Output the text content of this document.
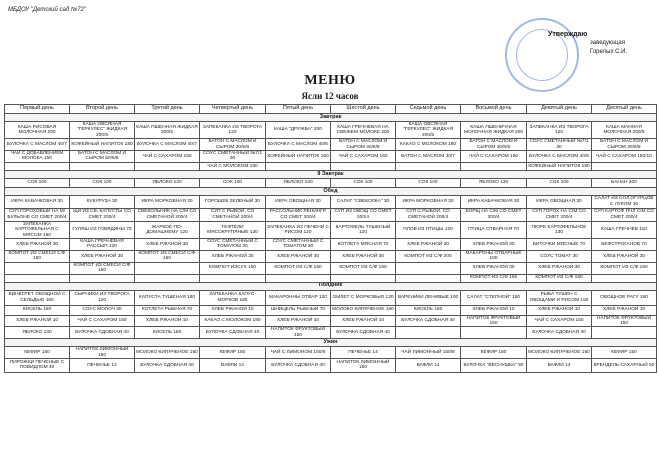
МБДОУ "Детский сад №72"
Утверждаю
заведующая
Горелых С.И.
МЕНЮ
Ясли 12 часов
Первый день	Второй день	Третий день	Четвертый день	Пятый день	Шестой день	Седьмой день	Восьмой день	Девятый день	Десятый день
Завтрак									
КАША РИСОВАЯ МОЛОЧНАЯ 200	КАША ОВСЯНАЯ "ГЕРКУЛЕС" ЖИДКАЯ 200/5	КАША ПШЕННАЯ ЖИДКАЯ 200/5	ЗАПЕКАНКА ИЗ ТВОРОГА 120	КАША "ДРУЖБА" 200	КАША ГРЕЧНЕВАЯ НА СВЕЖЕМ МОЛОКЕ 200	КАША ОВСЯНАЯ "ГЕРКУЛЕС" ЖИДКАЯ 200/5	КАША ПШЕНИЧНАЯ МОЛОЧНАЯ ЖИДКАЯ 200	ЗАПЕКАНКА ИЗ ТВОРОГА 120	КАША МАННАЯ МОЛОЧНАЯ 200/5
БУЛОЧКА С МАСЛОМ 40/7	КОФЕЙНЫЙ НАПИТОК 180	БУЛОЧКА С МАСЛОМ 40/7	БАТОН С МАСЛОМ И СЫРОМ 30/6/8	БУЛОЧКА С МАСЛОМ 40/6	БАТОН С МАСЛОМ И СЫРОМ 40/6/8	КАКАО С МОЛОКОМ 180	БАТОН С МАСЛОМ И СЫРОМ 30/6/8	СОУС СМЕТАННЫЙ №7/1 30	БАТОН С МАСЛОМ И СЫРОМ 30/6/8
ЧАЙ С ДОБАВЛЕНИЕМ МОЛОКА 150	БАТОН С МАСЛОМ И СЫРОМ 50/6/6	ЧАЙ С САХАРОМ 150	СОУС СМЕТАННЫЙ №7/1 30	КОФЕЙНЫЙ НАПИТОК 160	ЧАЙ С САХАРОМ 150	БАТОН С МАСЛОМ 30/7	ЧАЙ С САХАРОМ 150	БУЛОЧКА С МАСЛОМ 40/6	ЧАЙ С САХАРОМ 150/10
			ЧАЙ С МОЛОКОМ 180					КОФЕЙНЫЙ НАПИТОК 180	
II Завтрак									
СОК 100	СОК 100	ЯБЛОКО 130	СОК 100	ЯБЛОКО 130	СОК 100	СОК 100	ЯБЛОКО 130	СОК 100	БАНАН 200
Обед									
ИКРА КАБАЧКОВАЯ 30	КУКУРУЗА 30	ИКРА МОРКОВНАЯ 30	ГОРОШЕК ЗЕЛЕНЫЙ 30	ИКРА ОВОЩНАЯ 30	САЛАТ "СВЕКОЛКА" 30	ИКРА МОРКОВНАЯ 30	ИКРА КАБАЧКОВАЯ 30	ИКРА ОВОЩНАЯ 30	САЛАТ ИЗ СОЛ.ОГУРЦОВ С ЛУКОМ 30
СУП ГОРОХОВЫЙ НА М/ БУЛЬОНЕ СО СМЕТ 200/4	ЩИ ИЗ СВ. КАПУСТЫ СО СМЕТ 200/4	СВЕКОЛЬНИК НА С/М СО СМЕТАНОЙ 200/4	СУП С РЫБОЙ, СО СМЕТАНОЙ 200/4	РАССОЛЬНИК ЛЕНИНГР. СО СМЕТ 200/4	СУП ИЗ ОВОЩ СО СМЕТ 200/4	СУП С РЫБОЙ, СО СМЕТАНОЙ 200/4	БОРЩ НА С/М СО СМЕТ 200/4	СУП ГОРОХ НА С/М СО СМЕТ 200/4	СУП КАРТОФ ПЧЛ С/М СО СМЕТ 200/4
ЗАПЕКАНКА КАРТОФЕЛЬНАЯ С МЯСОМ 150	ГУЛЯШ ИЗ ГОВЯДИНЫ 70	ЖАРКОЕ ПО-ДОМАШНЕМУ 120	ТЕФТЕЛИ МЯСОКРУПЯНЫЕ 130	ЗАПЕКАНКА ИЗ ПЕЧЕНИ С РИСОМ 120	КАРТОФЕЛЬ ТУШЕНЫЙ 120	ПЛОВ ИЗ ПТИЦЫ 120	ПТИЦА ОТВАРНАЯ 70	ПЮРЕ КАРТОФЕЛЬНОЕ 130	КАША ГРЕЧНЕВ 110
ХЛЕБ РЖАНОЙ 30	КАША ГРЕЧНЕВАЯ РАССЫП 120	ХЛЕБ РЖАНОЙ 30	СОУС СМЕТАННЫЙ С ТОМАТОМ 30	СОУС СМЕТАННЫЙ С ТОМАТОМ 30	КОТЛЕТА МЯСНАЯ 70	ХЛЕБ РЖАНОЙ 30	ХЛЕБ РЖАНОЙ 30	БИТОЧКИ МЯСНЫЕ 70	БЕФСТРОГАНОВ 70
КОМПОТ ИЗ СМЕСИ С/Ф 150	ХЛЕБ РЖАНОЙ 30	КОМПОТ ИЗ СМЕСИ С/Ф 150	ХЛЕБ РЖАНОЙ 30	ХЛЕБ РЖАНОЙ 30	ХЛЕБ РЖАНОЙ 30	КОМПОТ ИЗ С/Ф 200	МАКАРОНЫ ОТВАРНЫЕ 100	СОУС ТОМАТ 30	ХЛЕБ РЖАНОЙ 30
	КОМПОТ ИЗ СМЕСИ С/Ф 150		КОМПОТ ИЗСУХ 150	КОМПОТ ИЗ С/Ф 150	КОМПОТ ИЗ С/Ф 150		ХЛЕБ РЖАНОЙ 30	ХЛЕБ РЖАНОЙ 30	КОМПОТ ИЗ С/Ф 150
							КОМПОТ ИЗ С/Ф 150	КОМПОТ ИЗ С/Ф 150	
Полдник									
ВИНЕГРЕТ ОВОЩНОЙ С СЕЛЬДЬЮ 160	СЫРНИКИ ИЗ ТВОРОГА 120	КАПУСТА ТУШЕНАЯ 180	ЗАПЕКАНКА КАПУС- МОРКОВ 180	МАКАРОННЫ ОТВАР 120	ОМЛЕТ С МОРКОВЬЮ 130	ВАРЕНИКИ ЛЕНИВЫЕ 100	САЛАТ "СТЕПНОЙ" 150	РЫБА ТУШЕН С ОВОЩАМИ И РИСОМ 150	ОВОЩНОЕ РАГУ 180
КИСЕЛЬ 180	СОУС МОЛОЧ 30	КОТЛЕТА РЫБНАЯ 70	ХЛЕБ РЖАНОЙ 10	ШНИЦЕЛЬ РЫБНЫЙ 70	МОЛОКО КИПЯЧЕНОЕ 180	КИСЕЛЬ 180	ХЛЕБ РЖАНОЙ 10	ХЛЕБ РЖАНОЙ 10	ХЛЕБ РЖАНОЙ 10
ХЛЕБ РЖАНОЙ 10	ЧАЙ С САХАРОМ 150	ХЛЕБ РЖАНОЙ 10	КАКАО С МОЛОКОМ 180	ХЛЕБ РЖАНОЙ 10	ХЛЕБ РЖАНОЙ 10	БУЛОЧКА СДОБНАЯ 40	НАПИТОК ФРУКТОВЫЙ 150	ЧАЙ С САХАРОМ 150	НАПИТОК ФРУКТОВЫЙ 150
ЯБЛОКО 130	БУЛОЧКА СДОБНАЯ 40	КИСЕЛЬ 180	БУЛОЧКА СДОБНАЯ 40	НАПИТОК ФРУКТОВЫЙ 150	БУЛОЧКА СДОБНАЯ 40			БУЛОЧКА СДОБНАЯ 40	
Ужин									
КЕФИР 150	НАПИТОК ЛИМОННЫЙ 150	МОЛОКО КИПЯЧЕНОЕ 150	КЕФИР 150	ЧАЙ С ЛИМОНОМ 150/5	ПЕЧЕНЬЕ 14	ЧАЙ ЛИМОННЫЙ 150/8	КЕФИР 150	МОЛОКО КИПЯЧЕНОЕ 150	КЕФИР 150
ПИРОЖКИ ПЕЧЕНЫЕ С ПОВИДЛОМ 40	ПЕЧЕНЬЕ 14	БУЛОЧКА СДОБНАЯ 40	ВАФЛИ 14	БУЛОЧКА СДОБНАЯ 40	НАПИТОК ЛИМОННЫЙ 150	ВАФЛИ 14	БУЛОЧКА "ВЕСНУШКА" 50	ВАФЛИ 14	КРЕНДЕЛЬ САХАРНЫЙ 50
